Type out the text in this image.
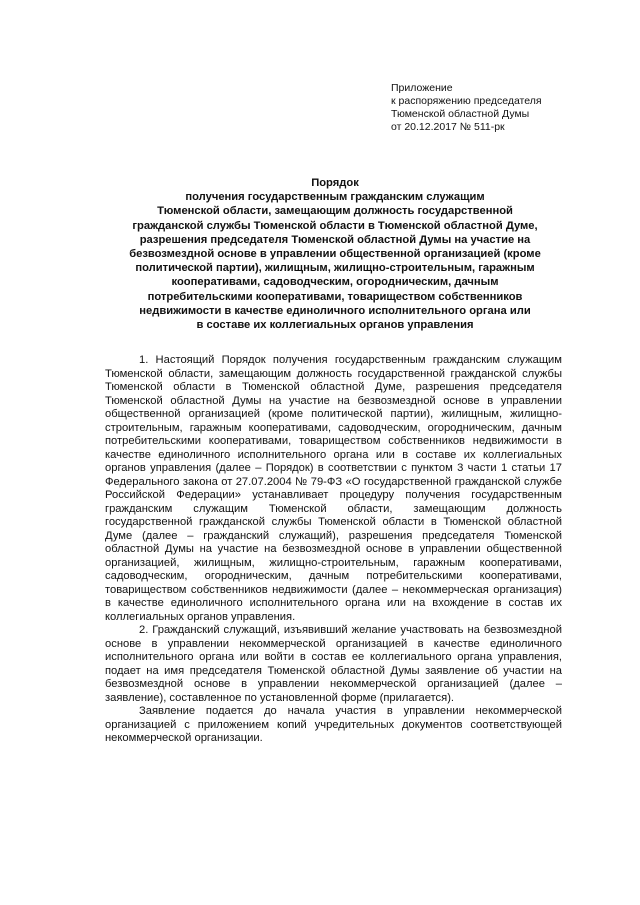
Приложение
к распоряжению председателя
Тюменской областной Думы
от 20.12.2017 № 511-рк
Порядок
получения государственным гражданским служащим
Тюменской области, замещающим должность государственной
гражданской службы Тюменской области в Тюменской областной Думе,
разрешения председателя Тюменской областной Думы на участие на
безвозмездной основе в управлении общественной организацией (кроме
политической партии), жилищным, жилищно-строительным, гаражным
кооперативами, садоводческим, огородническим, дачным
потребительскими кооперативами, товариществом собственников
недвижимости в качестве единоличного исполнительного органа или
в составе их коллегиальных органов управления

1. Настоящий Порядок получения государственным гражданским служащим Тюменской области, замещающим должность государственной гражданской службы Тюменской области в Тюменской областной Думе, разрешения председателя Тюменской областной Думы на участие на безвозмездной основе в управлении общественной организацией (кроме политической партии), жилищным, жилищно-строительным, гаражным кооперативами, садоводческим, огородническим, дачным потребительскими кооперативами, товариществом собственников недвижимости в качестве единоличного исполнительного органа или в составе их коллегиальных органов управления (далее – Порядок) в соответствии с пунктом 3 части 1 статьи 17 Федерального закона от 27.07.2004 № 79-ФЗ «О государственной гражданской службе Российской Федерации» устанавливает процедуру получения государственным гражданским служащим Тюменской области, замещающим должность государственной гражданской службы Тюменской области в Тюменской областной Думе (далее – гражданский служащий), разрешения председателя Тюменской областной Думы на участие на безвозмездной основе в управлении общественной организацией, жилищным, жилищно-строительным, гаражным кооперативами, садоводческим, огородническим, дачным потребительскими кооперативами, товариществом собственников недвижимости (далее – некоммерческая организация) в качестве единоличного исполнительного органа или на вхождение в состав их коллегиальных органов управления.

2. Гражданский служащий, изъявивший желание участвовать на безвозмездной основе в управлении некоммерческой организацией в качестве единоличного исполнительного органа или войти в состав ее коллегиального органа управления, подает на имя председателя Тюменской областной Думы заявление об участии на безвозмездной основе в управлении некоммерческой организацией (далее – заявление), составленное по установленной форме (прилагается).

Заявление подается до начала участия в управлении некоммерческой организацией с приложением копий учредительных документов соответствующей некоммерческой организации.
